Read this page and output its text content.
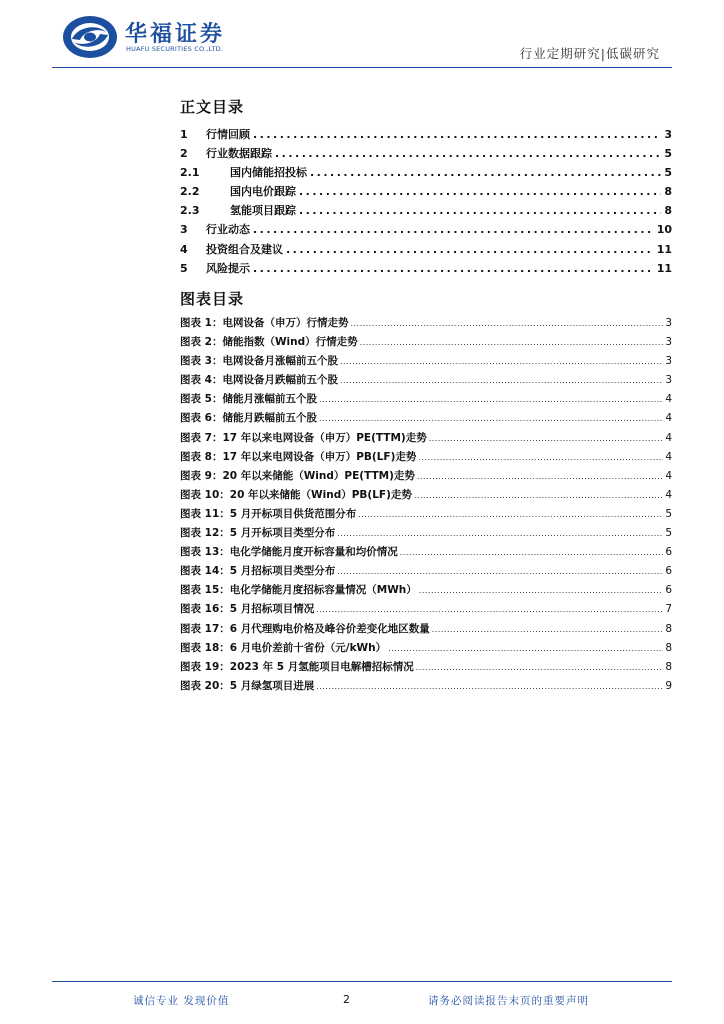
华福证券
HUAFU SECURITIES CO.,LTD.	行业定期研究|低碳研究
正文目录
1	行情回顾 .....	3
2	行业数据跟踪 .....	5
2.1	国内储能招投标 .....	5
2.2	国内电价跟踪 .....	8
2.3	氢能项目跟踪 .....	8
3	行业动态 .....	10
4	投资组合及建议 .....	11
5	风险提示 .....	11
图表目录
图表 1：电网设备（申万）行情走势 .....	3
图表 2：储能指数（Wind）行情走势 .....	3
图表 3：电网设备月涨幅前五个股 .....	3
图表 4：电网设备月跌幅前五个股 .....	3
图表 5：储能月涨幅前五个股 .....	4
图表 6：储能月跌幅前五个股 .....	4
图表 7：17 年以来电网设备（申万）PE(TTM)走势 .....	4
图表 8：17 年以来电网设备（申万）PB(LF)走势 .....	4
图表 9：20 年以来储能（Wind）PE(TTM)走势 .....	4
图表 10：20 年以来储能（Wind）PB(LF)走势 .....	4
图表 11：5 月开标项目供货范围分布 .....	5
图表 12：5 月开标项目类型分布 .....	5
图表 13：电化学储能月度开标容量和均价情况 .....	6
图表 14：5 月招标项目类型分布 .....	6
图表 15：电化学储能月度招标容量情况（MWh） .....	6
图表 16：5 月招标项目情况 .....	7
图表 17：6 月代理购电价格及峰谷价差变化地区数量 .....	8
图表 18：6 月电价差前十省份（元/kWh） .....	8
图表 19：2023 年 5 月氢能项目电解槽招标情况 .....	8
图表 20：5 月绿氢项目进展 .....	9
诚信专业 发现价值	2	请务必阅读报告末页的重要声明
